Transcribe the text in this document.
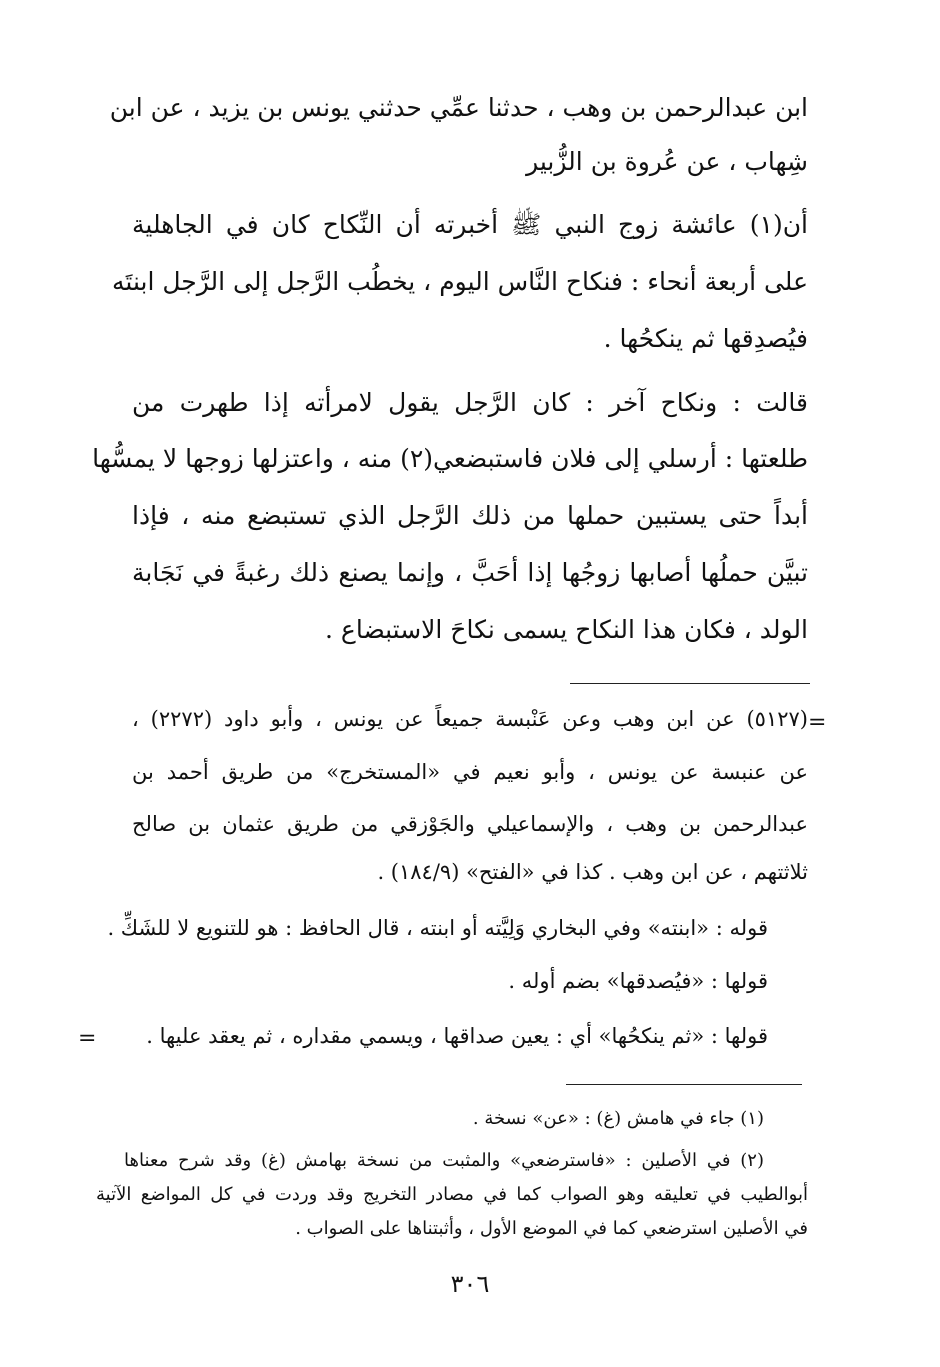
ابن عبدالرحمن بن وهب ، حدثنا عمِّي حدثني يونس بن يزيد ، عن ابن
شِهاب ، عن عُروة بن الزُّبير
أن(١) عائشة زوج النبي ﷺ أخبرته أن النِّكاح كان في الجاهلية
على أربعة أنحاء : فنكاح النَّاس اليوم ، يخطُب الرَّجل إلى الرَّجل ابنتَه
فيُصدِقها ثم ينكحُها .
قالت : ونكاح آخر : كان الرَّجل يقول لامرأته إذا طهرت من
طلعتها : أرسلي إلى فلان فاستبضعي(٢) منه ، واعتزلها زوجها لا يمسُّها
أبداً حتى يستبين حملها من ذلك الرَّجل الذي تستبضع منه ، فإذا
تبيَّن حملُها أصابها زوجُها إذا أحَبَّ ، وإنما يصنع ذلك رغبةً في نَجَابة
الولد ، فكان هذا النكاح يسمى نكاحَ الاستبضاع .
=
(٥١٢٧) عن ابن وهب وعن عَنْبسة جميعاً عن يونس ، وأبو داود (٢٢٧٢) ،
عن عنبسة عن يونس ، وأبو نعيم في «المستخرج» من طريق أحمد بن
عبدالرحمن بن وهب ، والإسماعيلي والجَوْزقي من طريق عثمان بن صالح
ثلاثتهم ، عن ابن وهب . كذا في «الفتح» (١٨٤/٩) .
قوله : «ابنته» وفي البخاري وَلِيَّته أو ابنته ، قال الحافظ : هو للتنويع لا للشَكِّ .
قولها : «فيُصدقها» بضم أوله .
قولها : «ثم ينكحُها» أي : يعين صداقها ، ويسمي مقداره ، ثم يعقد عليها .
=
(١) جاء في هامش (غ) : «عن» نسخة .
(٢) في الأصلين : «فاسترضعي» والمثبت من نسخة بهامش (غ) وقد شرح معناها
أبوالطيب في تعليقه وهو الصواب كما في مصادر التخريج وقد وردت في كل المواضع الآتية
في الأصلين استرضعي كما في الموضع الأول ، وأثبتناها على الصواب .
٣٠٦
